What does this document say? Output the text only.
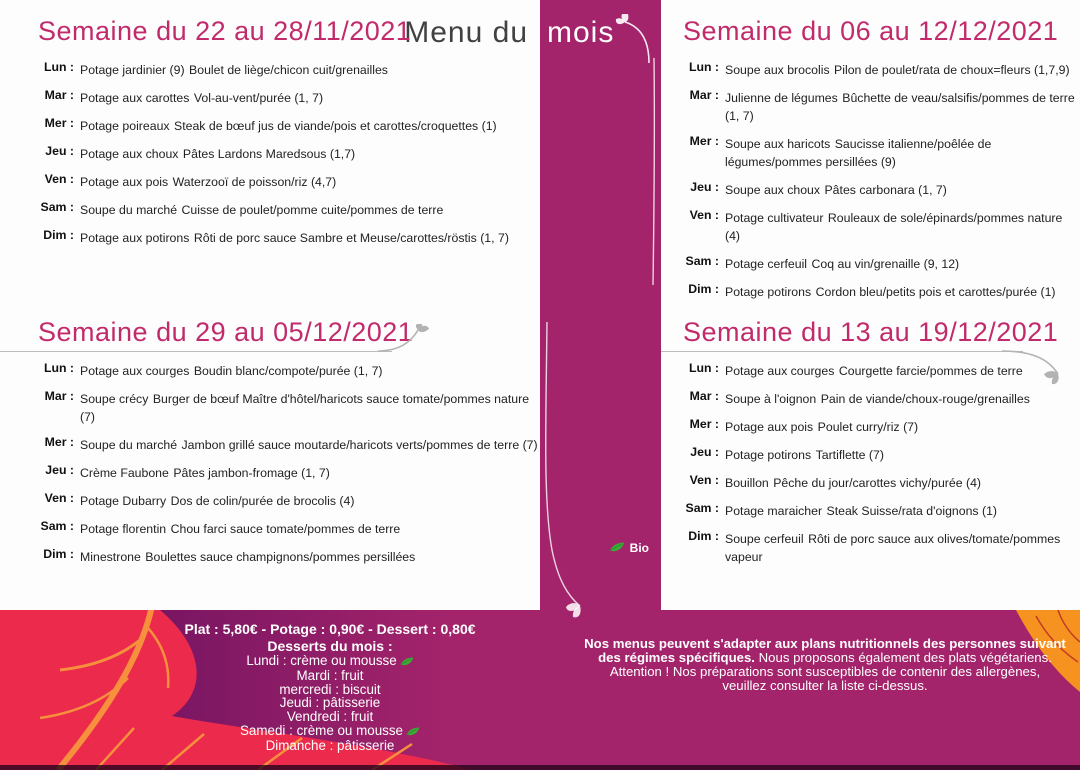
Menu du
Semaine du 22 au 28/11/2021
Lun : Potage jardinier (9) Boulet de liège/chicon cuit/grenailles
Mar : Potage aux carottes Vol-au-vent/purée (1, 7)
Mer : Potage poireaux Steak de bœuf jus de viande/pois et carottes/croquettes (1)
Jeu : Potage aux choux Pâtes Lardons Maredsous (1,7)
Ven : Potage aux pois Waterzooï de poisson/riz (4,7)
Sam : Soupe du marché Cuisse de poulet/pomme cuite/pommes de terre
Dim : Potage aux potirons Rôti de porc sauce Sambre et Meuse/carottes/röstis (1, 7)
Semaine du 29 au 05/12/2021
Lun : Potage aux courges Boudin blanc/compote/purée (1, 7)
Mar : Soupe crécy Burger de bœuf Maître d'hôtel/haricots sauce tomate/pommes nature (7)
Mer : Soupe du marché Jambon grillé sauce moutarde/haricots verts/pommes de terre (7)
Jeu : Crème Faubone Pâtes jambon-fromage (1, 7)
Ven : Potage Dubarry Dos de colin/purée de brocolis (4)
Sam : Potage florentin Chou farci sauce tomate/pommes de terre
Dim : Minestrone Boulettes sauce champignons/pommes persillées
Semaine du 06 au 12/12/2021
Lun : Soupe aux brocolis Pilon de poulet/rata de choux=fleurs (1,7,9)
Mar : Julienne de légumes Bûchette de veau/salsifis/pommes de terre (1, 7)
Mer : Soupe aux haricots Saucisse italienne/poêlée de légumes/pommes persillées (9)
Jeu : Soupe aux choux Pâtes carbonara (1, 7)
Ven : Potage cultivateur Rouleaux de sole/épinards/pommes nature (4)
Sam : Potage cerfeuil Coq au vin/grenaille (9, 12)
Dim : Potage potirons Cordon bleu/petits pois et carottes/purée (1)
Semaine du 13 au 19/12/2021
Lun : Potage aux courges Courgette farcie/pommes de terre
Mar : Soupe à l'oignon Pain de viande/choux-rouge/grenailles
Mer : Potage aux pois Poulet curry/riz (7)
Jeu : Potage potirons Tartiflette (7)
Ven : Bouillon Pêche du jour/carottes vichy/purée (4)
Sam : Potage maraicher Steak Suisse/rata d'oignons (1)
Dim : Soupe cerfeuil Rôti de porc sauce aux olives/tomate/pommes vapeur
Bio
mois
Plat : 5,80€ - Potage : 0,90€ - Dessert : 0,80€
Desserts du mois :
Lundi : crème ou mousse
Mardi : fruit
mercredi : biscuit
Jeudi : pâtisserie
Vendredi : fruit
Samedi : crème ou mousse
Dimanche : pâtisserie
Nos menus peuvent s'adapter aux plans nutritionnels des personnes suivant
des régimes spécifiques. Nous proposons également des plats végétariens.
Attention ! Nos préparations sont susceptibles de contenir des allergènes,
veuillez consulter la liste ci-dessus.
